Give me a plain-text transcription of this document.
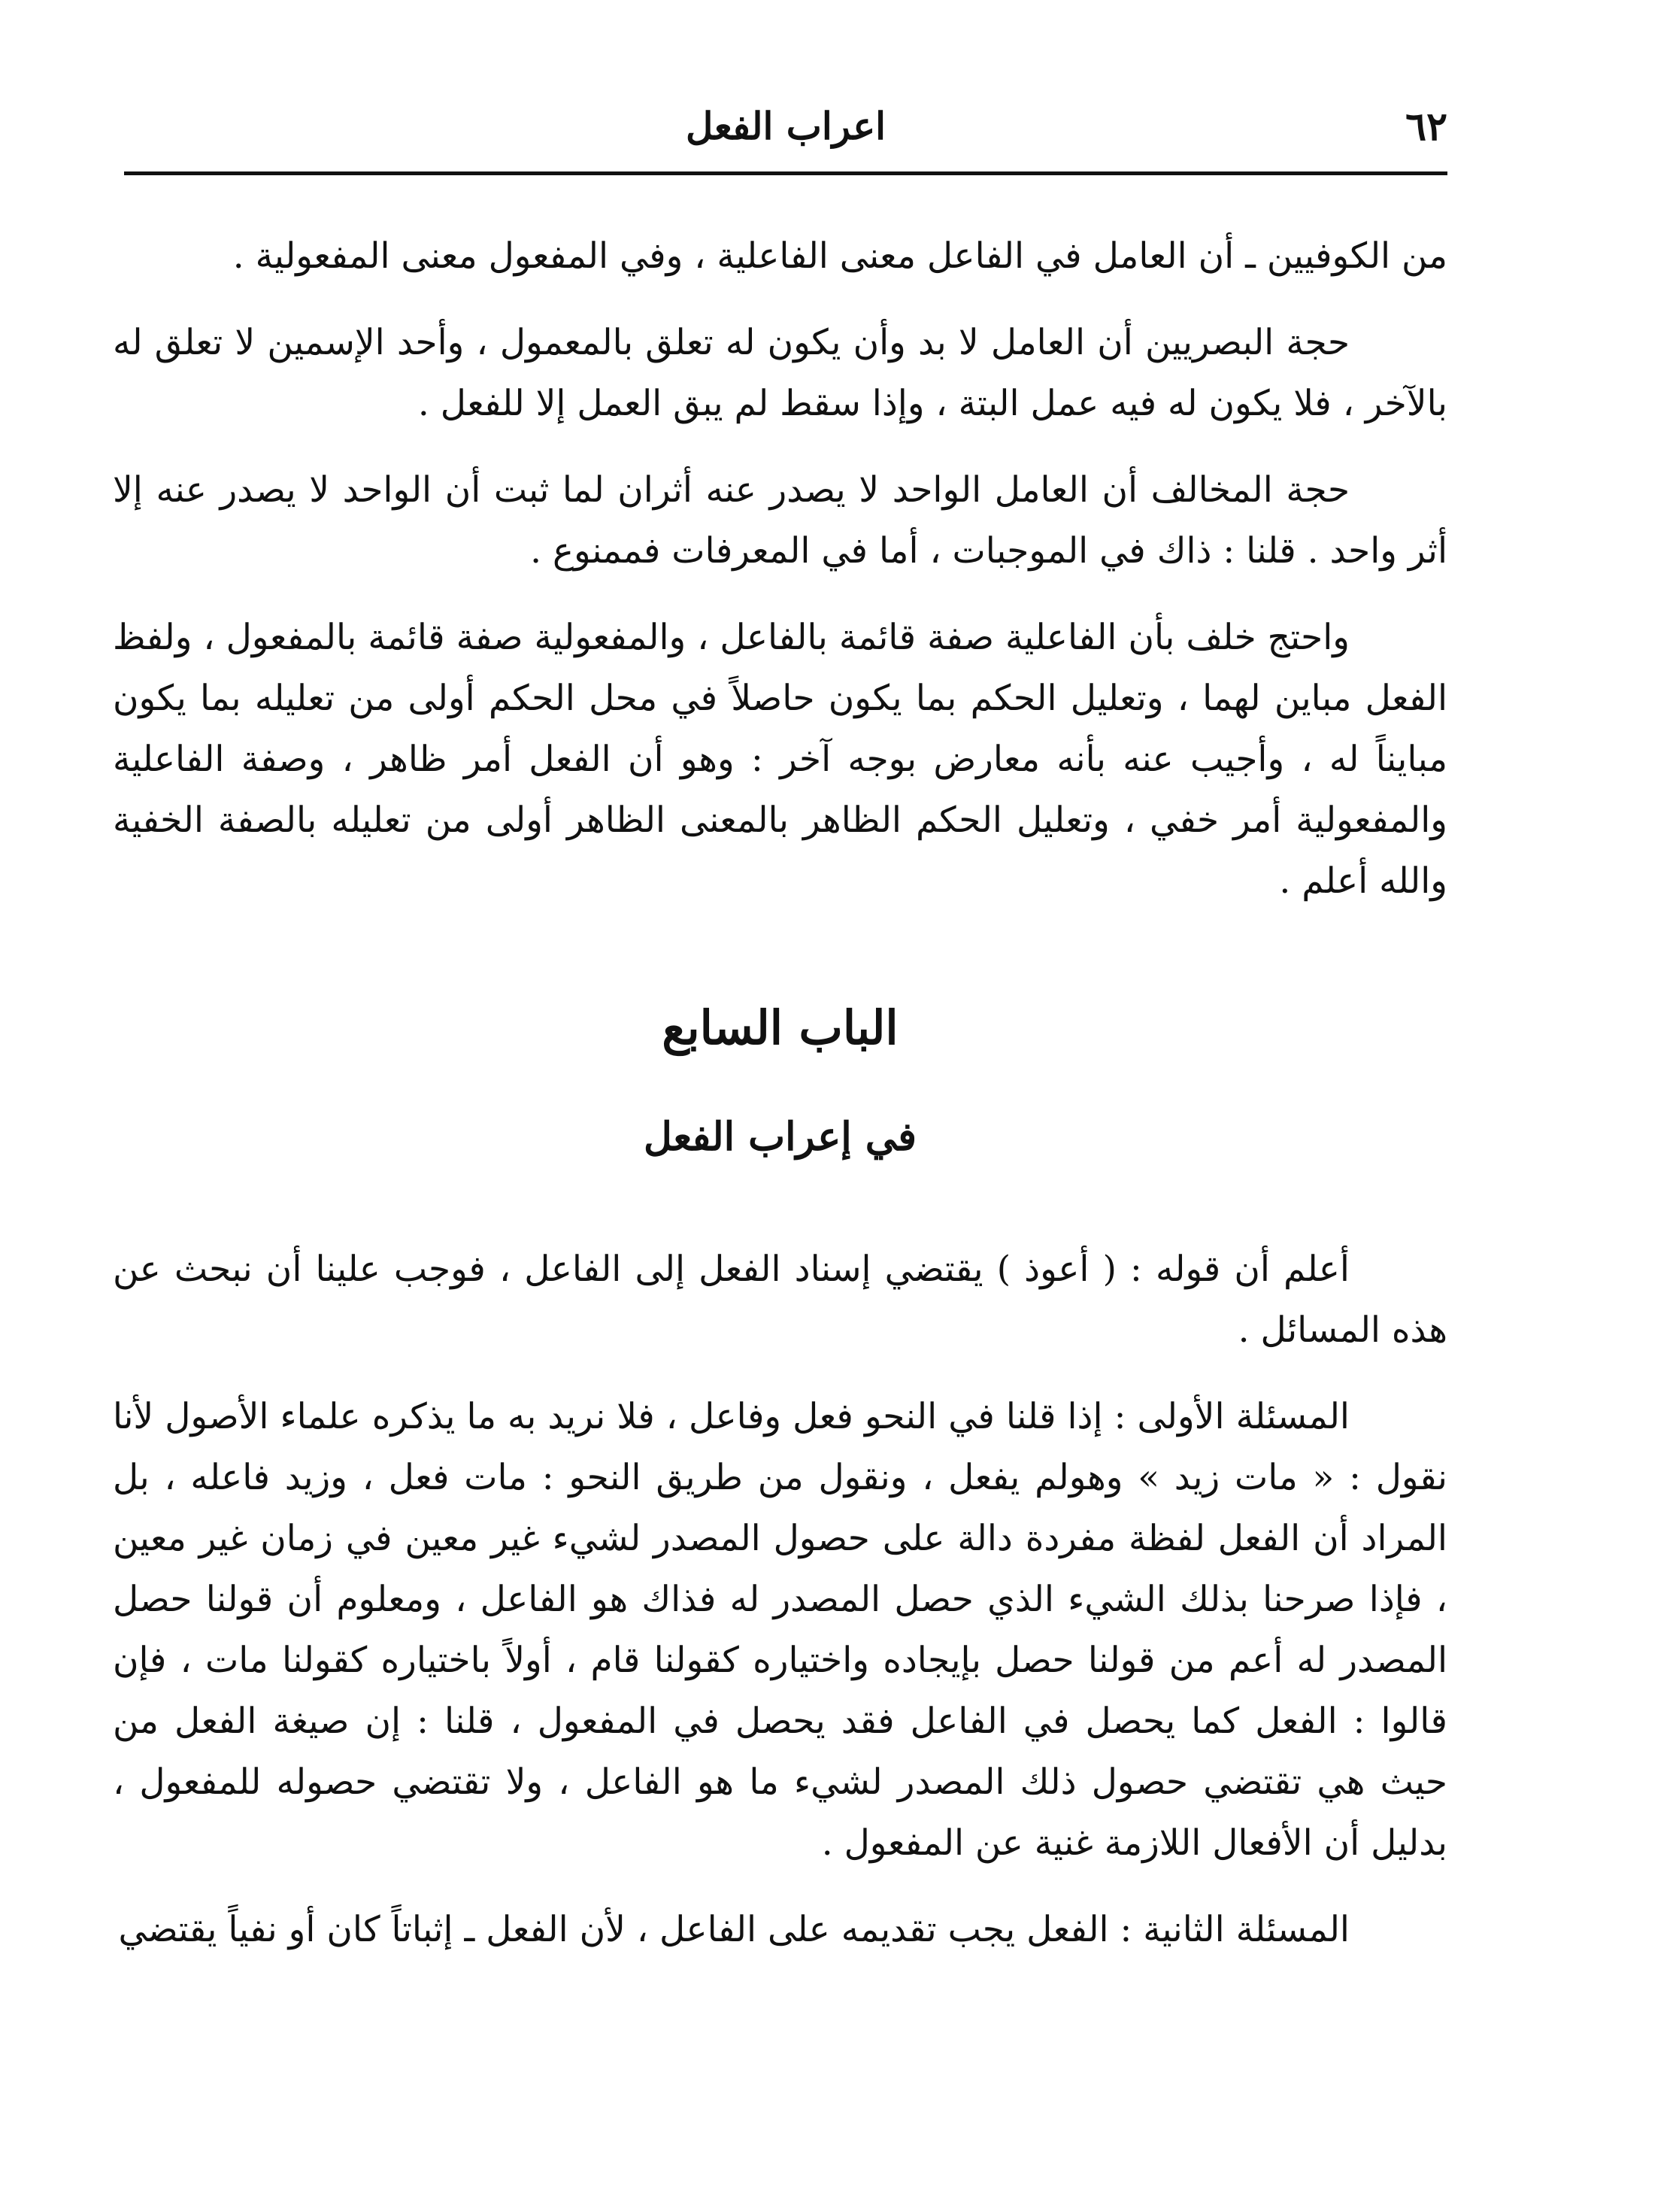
٦٢
اعراب الفعل

من الكوفيين ـ أن العامل في الفاعل معنى الفاعلية ، وفي المفعول معنى المفعولية .

حجة البصريين أن العامل لا بد وأن يكون له تعلق بالمعمول ، وأحد الإسمين لا تعلق له بالآخر ، فلا يكون له فيه عمل البتة ، وإذا سقط لم يبق العمل إلا للفعل .

حجة المخالف أن العامل الواحد لا يصدر عنه أثران لما ثبت أن الواحد لا يصدر عنه إلا أثر واحد . قلنا : ذاك في الموجبات ، أما في المعرفات فممنوع .

واحتج خلف بأن الفاعلية صفة قائمة بالفاعل ، والمفعولية صفة قائمة بالمفعول ، ولفظ الفعل مباين لهما ، وتعليل الحكم بما يكون حاصلاً في محل الحكم أولى من تعليله بما يكون مبايناً له ، وأجيب عنه بأنه معارض بوجه آخر : وهو أن الفعل أمر ظاهر ، وصفة الفاعلية والمفعولية أمر خفي ، وتعليل الحكم الظاهر بالمعنى الظاهر أولى من تعليله بالصفة الخفية والله أعلم .

الباب السابع
في إعراب الفعل

أعلم أن قوله : ( أعوذ ) يقتضي إسناد الفعل إلى الفاعل ، فوجب علينا أن نبحث عن هذه المسائل .

المسئلة الأولى : إذا قلنا في النحو فعل وفاعل ، فلا نريد به ما يذكره علماء الأصول لأنا نقول : « مات زيد » وهولم يفعل ، ونقول من طريق النحو : مات فعل ، وزيد فاعله ، بل المراد أن الفعل لفظة مفردة دالة على حصول المصدر لشيء غير معين في زمان غير معين ، فإذا صرحنا بذلك الشيء الذي حصل المصدر له فذاك هو الفاعل ، ومعلوم أن قولنا حصل المصدر له أعم من قولنا حصل بإيجاده واختياره كقولنا قام ، أولاً باختياره كقولنا مات ، فإن قالوا : الفعل كما يحصل في الفاعل فقد يحصل في المفعول ، قلنا : إن صيغة الفعل من حيث هي تقتضي حصول ذلك المصدر لشيء ما هو الفاعل ، ولا تقتضي حصوله للمفعول ، بدليل أن الأفعال اللازمة غنية عن المفعول .

المسئلة الثانية : الفعل يجب تقديمه على الفاعل ، لأن الفعل ـ إثباتاً كان أو نفياً يقتضي
